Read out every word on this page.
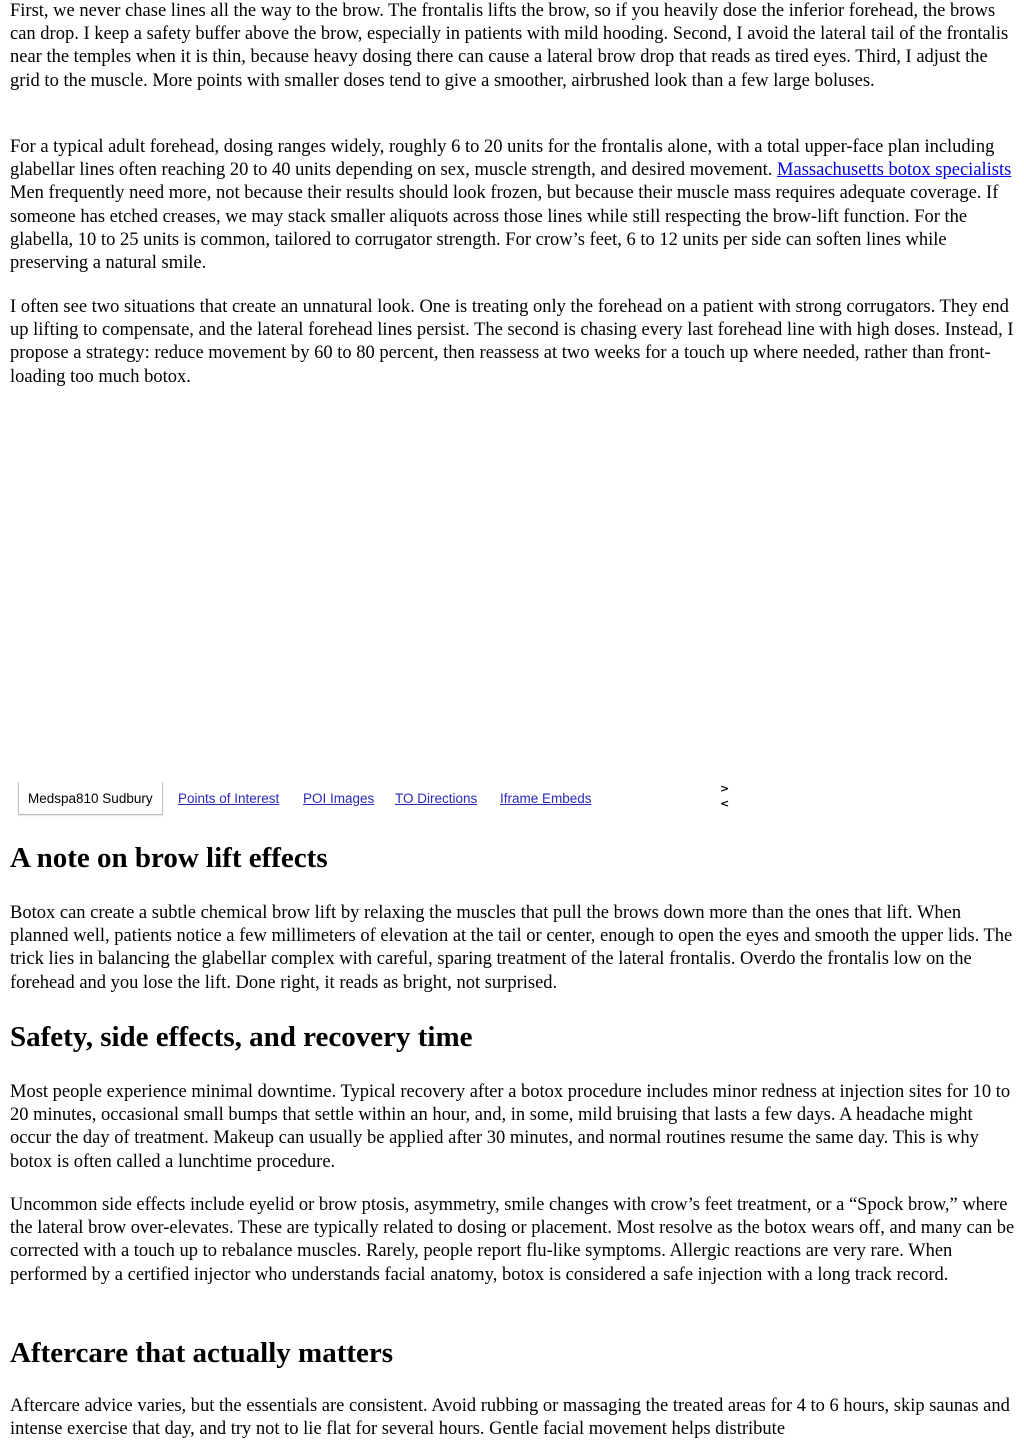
First, we never chase lines all the way to the brow. The frontalis lifts the brow, so if you heavily dose the inferior forehead, the brows can drop. I keep a safety buffer above the brow, especially in patients with mild hooding. Second, I avoid the lateral tail of the frontalis near the temples when it is thin, because heavy dosing there can cause a lateral brow drop that reads as tired eyes. Third, I adjust the grid to the muscle. More points with smaller doses tend to give a smoother, airbrushed look than a few large boluses.

For a typical adult forehead, dosing ranges widely, roughly 6 to 20 units for the frontalis alone, with a total upper-face plan including glabellar lines often reaching 20 to 40 units depending on sex, muscle strength, and desired movement. Massachusetts botox specialists Men frequently need more, not because their results should look frozen, but because their muscle mass requires adequate coverage. If someone has etched creases, we may stack smaller aliquots across those lines while still respecting the brow-lift function. For the glabella, 10 to 25 units is common, tailored to corrugator strength. For crow’s feet, 6 to 12 units per side can soften lines while preserving a natural smile.

I often see two situations that create an unnatural look. One is treating only the forehead on a patient with strong corrugators. They end up lifting to compensate, and the lateral forehead lines persist. The second is chasing every last forehead line with high doses. Instead, I propose a strategy: reduce movement by 60 to 80 percent, then reassess at two weeks for a touch up where needed, rather than front-loading too much botox.

A note on brow lift effects

Botox can create a subtle chemical brow lift by relaxing the muscles that pull the brows down more than the ones that lift. When planned well, patients notice a few millimeters of elevation at the tail or center, enough to open the eyes and smooth the upper lids. The trick lies in balancing the glabellar complex with careful, sparing treatment of the lateral frontalis. Overdo the frontalis low on the forehead and you lose the lift. Done right, it reads as bright, not surprised.

Safety, side effects, and recovery time

Most people experience minimal downtime. Typical recovery after a botox procedure includes minor redness at injection sites for 10 to 20 minutes, occasional small bumps that settle within an hour, and, in some, mild bruising that lasts a few days. A headache might occur the day of treatment. Makeup can usually be applied after 30 minutes, and normal routines resume the same day. This is why botox is often called a lunchtime procedure.

Uncommon side effects include eyelid or brow ptosis, asymmetry, smile changes with crow’s feet treatment, or a “Spock brow,” where the lateral brow over-elevates. These are typically related to dosing or placement. Most resolve as the botox wears off, and many can be corrected with a touch up to rebalance muscles. Rarely, people report flu-like symptoms. Allergic reactions are very rare. When performed by a certified injector who understands facial anatomy, botox is considered a safe injection with a long track record.

Aftercare that actually matters

Aftercare advice varies, but the essentials are consistent. Avoid rubbing or massaging the treated areas for 4 to 6 hours, skip saunas and intense exercise that day, and try not to lie flat for several hours. Gentle facial movement helps distribute

Medspa810 Sudbury	Points of Interest POI Images TO Directions Iframe Embeds
>
<
